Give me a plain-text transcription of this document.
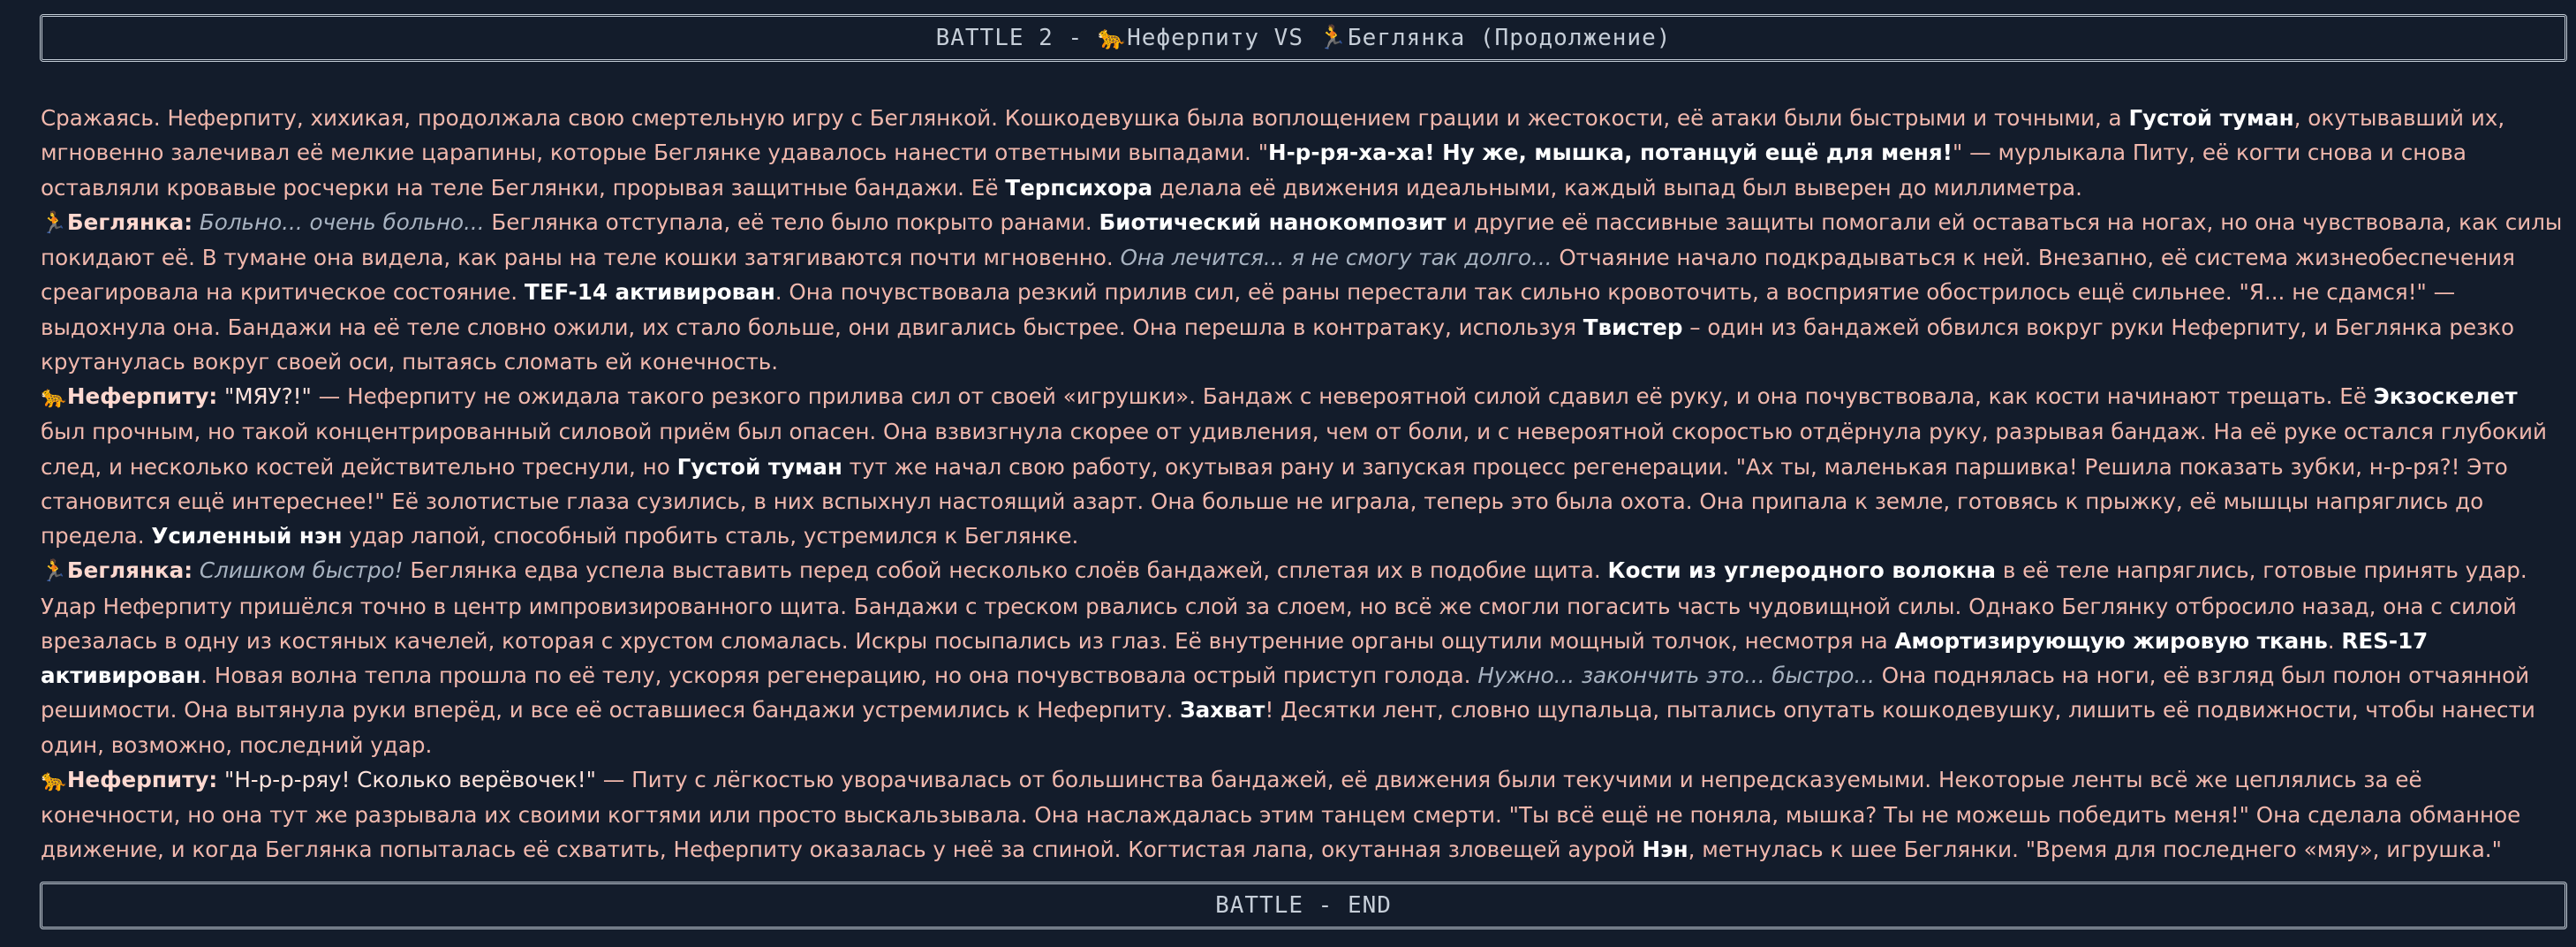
BATTLE 2 - 🐆Неферпиту VS 🏃Беглянка (Продолжение)

Сражаясь. Неферпиту, хихикая, продолжала свою смертельную игру с Беглянкой. Кошкодевушка была воплощением грации и жестокости, её атаки были быстрыми и точными, а Густой туман, окутывавший их, мгновенно залечивал её мелкие царапины, которые Беглянке удавалось нанести ответными выпадами. "Н-р-ря-ха-ха! Ну же, мышка, потанцуй ещё для меня!" — мурлыкала Питу, её когти снова и снова оставляли кровавые росчерки на теле Беглянки, прорывая защитные бандажи. Её Терпсихора делала её движения идеальными, каждый выпад был выверен до миллиметра.

🏃Беглянка: Больно... очень больно... Беглянка отступала, её тело было покрыто ранами. Биотический нанокомпозит и другие её пассивные защиты помогали ей оставаться на ногах, но она чувствовала, как силы покидают её. В тумане она видела, как раны на теле кошки затягиваются почти мгновенно. Она лечится... я не смогу так долго... Отчаяние начало подкрадываться к ней. Внезапно, её система жизнеобеспечения среагировала на критическое состояние. TEF-14 активирован. Она почувствовала резкий прилив сил, её раны перестали так сильно кровоточить, а восприятие обострилось ещё сильнее. "Я... не сдамся!" — выдохнула она. Бандажи на её теле словно ожили, их стало больше, они двигались быстрее. Она перешла в контратаку, используя Твистер – один из бандажей обвился вокруг руки Неферпиту, и Беглянка резко крутанулась вокруг своей оси, пытаясь сломать ей конечность.

🐆Неферпиту: "МЯУ?!" — Неферпиту не ожидала такого резкого прилива сил от своей «игрушки». Бандаж с невероятной силой сдавил её руку, и она почувствовала, как кости начинают трещать. Её Экзоскелет был прочным, но такой концентрированный силовой приём был опасен. Она взвизгнула скорее от удивления, чем от боли, и с невероятной скоростью отдёрнула руку, разрывая бандаж. На её руке остался глубокий след, и несколько костей действительно треснули, но Густой туман тут же начал свою работу, окутывая рану и запуская процесс регенерации. "Ах ты, маленькая паршивка! Решила показать зубки, н-р-ря?! Это становится ещё интереснее!" Её золотистые глаза сузились, в них вспыхнул настоящий азарт. Она больше не играла, теперь это была охота. Она припала к земле, готовясь к прыжку, её мышцы напряглись до предела. Усиленный нэн удар лапой, способный пробить сталь, устремился к Беглянке.

🏃Беглянка: Слишком быстро! Беглянка едва успела выставить перед собой несколько слоёв бандажей, сплетая их в подобие щита. Кости из углеродного волокна в её теле напряглись, готовые принять удар. Удар Неферпиту пришёлся точно в центр импровизированного щита. Бандажи с треском рвались слой за слоем, но всё же смогли погасить часть чудовищной силы. Однако Беглянку отбросило назад, она с силой врезалась в одну из костяных качелей, которая с хрустом сломалась. Искры посыпались из глаз. Её внутренние органы ощутили мощный толчок, несмотря на Амортизирующую жировую ткань. RES-17 активирован. Новая волна тепла прошла по её телу, ускоряя регенерацию, но она почувствовала острый приступ голода. Нужно... закончить это... быстро... Она поднялась на ноги, её взгляд был полон отчаянной решимости. Она вытянула руки вперёд, и все её оставшиеся бандажи устремились к Неферпиту. Захват! Десятки лент, словно щупальца, пытались опутать кошкодевушку, лишить её подвижности, чтобы нанести один, возможно, последний удар.

🐆Неферпиту: "Н-р-р-ряу! Сколько верёвочек!" — Питу с лёгкостью уворачивалась от большинства бандажей, её движения были текучими и непредсказуемыми. Некоторые ленты всё же цеплялись за её конечности, но она тут же разрывала их своими когтями или просто выскальзывала. Она наслаждалась этим танцем смерти. "Ты всё ещё не поняла, мышка? Ты не можешь победить меня!" Она сделала обманное движение, и когда Беглянка попыталась её схватить, Неферпиту оказалась у неё за спиной. Когтистая лапа, окутанная зловещей аурой Нэн, метнулась к шее Беглянки. "Время для последнего «мяу», игрушка."

BATTLE - END
